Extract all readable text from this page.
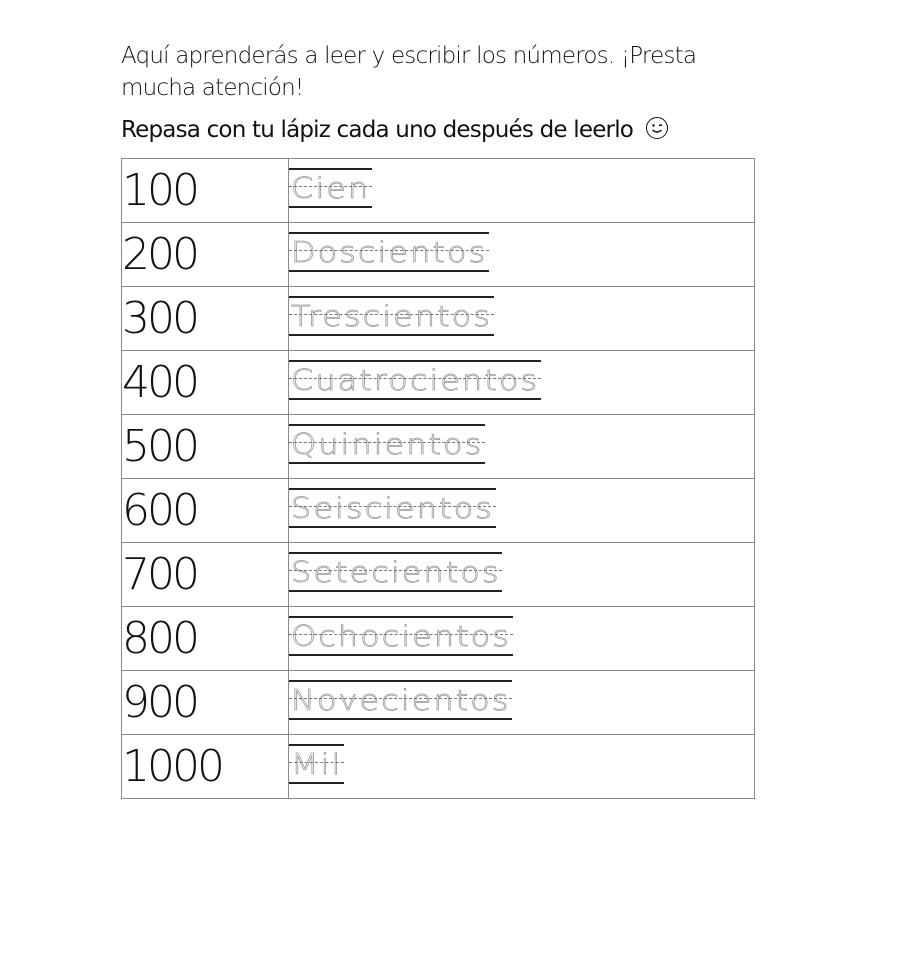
Aquí aprenderás a leer y escribir los números. ¡Presta mucha atención!
Repasa con tu lápiz cada uno después de leerlo
100	Cien

200	Doscientos

300	Trescientos

400	Cuatrocientos

500	Quinientos

600	Seiscientos

700	Setecientos

800	Ochocientos

900	Novecientos

1000	Mil
